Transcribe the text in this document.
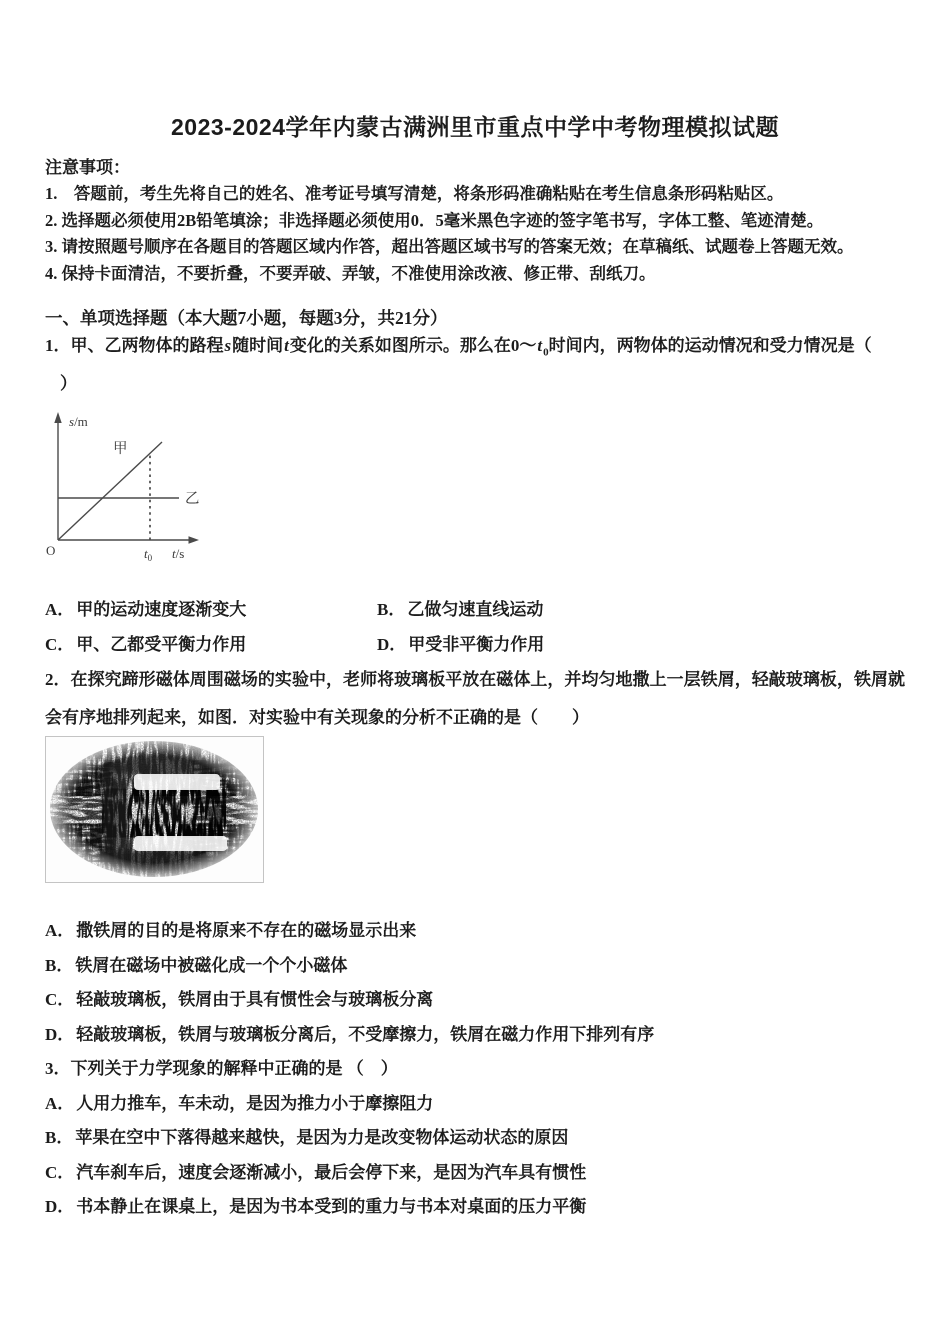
2023-2024学年内蒙古满洲里市重点中学中考物理模拟试题
注意事项：
1.　答题前，考生先将自己的姓名、准考证号填写清楚，将条形码准确粘贴在考生信息条形码粘贴区。
2. 选择题必须使用2B铅笔填涂；非选择题必须使用0．5毫米黑色字迹的签字笔书写，字体工整、笔迹清楚。
3. 请按照题号顺序在各题目的答题区域内作答，超出答题区域书写的答案无效；在草稿纸、试题卷上答题无效。
4. 保持卡面清洁，不要折叠，不要弄破、弄皱，不准使用涂改液、修正带、刮纸刀。
一、单项选择题（本大题7小题，每题3分，共21分）
1．甲、乙两物体的路程s随时间t变化的关系如图所示。那么在$0\sim t_0$时间内，两物体的运动情况和受力情况是（
）
s/m
甲
乙
O	$t_0$ t/s
A． 甲的运动速度逐渐变大	B． 乙做匀速直线运动
C． 甲、乙都受平衡力作用	D． 甲受非平衡力作用
2．在探究蹄形磁体周围磁场的实验中，老师将玻璃板平放在磁体上，并均匀地撒上一层铁屑，轻敲玻璃板，铁屑就会有序地排列起来，如图．对实验中有关现象的分析不正确的是（　　）
A． 撒铁屑的目的是将原来不存在的磁场显示出来
B． 铁屑在磁场中被磁化成一个个小磁体
C． 轻敲玻璃板，铁屑由于具有惯性会与玻璃板分离
D． 轻敲玻璃板，铁屑与玻璃板分离后，不受摩擦力，铁屑在磁力作用下排列有序
3．下列关于力学现象的解释中正确的是 （　）
A． 人用力推车，车未动，是因为推力小于摩擦阻力
B． 苹果在空中下落得越来越快，是因为力是改变物体运动状态的原因
C． 汽车刹车后，速度会逐渐减小，最后会停下来，是因为汽车具有惯性
D． 书本静止在课桌上，是因为书本受到的重力与书本对桌面的压力平衡
